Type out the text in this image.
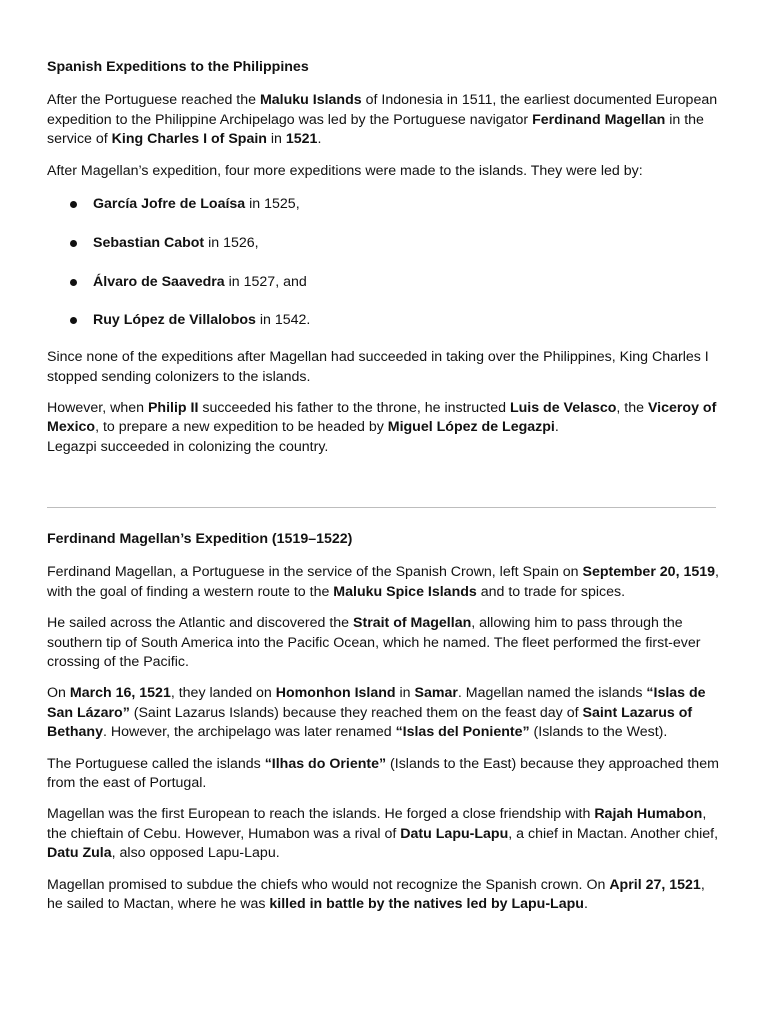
Spanish Expeditions to the Philippines

After the Portuguese reached the Maluku Islands of Indonesia in 1511, the earliest documented European expedition to the Philippine Archipelago was led by the Portuguese navigator Ferdinand Magellan in the service of King Charles I of Spain in 1521.

After Magellan’s expedition, four more expeditions were made to the islands. They were led by:

García Jofre de Loaísa in 1525,
Sebastian Cabot in 1526,
Álvaro de Saavedra in 1527, and
Ruy López de Villalobos in 1542.

Since none of the expeditions after Magellan had succeeded in taking over the Philippines, King Charles I stopped sending colonizers to the islands.

However, when Philip II succeeded his father to the throne, he instructed Luis de Velasco, the Viceroy of Mexico, to prepare a new expedition to be headed by Miguel López de Legazpi.
Legazpi succeeded in colonizing the country.

Ferdinand Magellan’s Expedition (1519–1522)

Ferdinand Magellan, a Portuguese in the service of the Spanish Crown, left Spain on September 20, 1519, with the goal of finding a western route to the Maluku Spice Islands and to trade for spices.

He sailed across the Atlantic and discovered the Strait of Magellan, allowing him to pass through the southern tip of South America into the Pacific Ocean, which he named. The fleet performed the first-ever crossing of the Pacific.

On March 16, 1521, they landed on Homonhon Island in Samar. Magellan named the islands “Islas de San Lázaro” (Saint Lazarus Islands) because they reached them on the feast day of Saint Lazarus of Bethany. However, the archipelago was later renamed “Islas del Poniente” (Islands to the West).

The Portuguese called the islands “Ilhas do Oriente” (Islands to the East) because they approached them from the east of Portugal.

Magellan was the first European to reach the islands. He forged a close friendship with Rajah Humabon, the chieftain of Cebu. However, Humabon was a rival of Datu Lapu-Lapu, a chief in Mactan. Another chief, Datu Zula, also opposed Lapu-Lapu.

Magellan promised to subdue the chiefs who would not recognize the Spanish crown. On April 27, 1521, he sailed to Mactan, where he was killed in battle by the natives led by Lapu-Lapu.
